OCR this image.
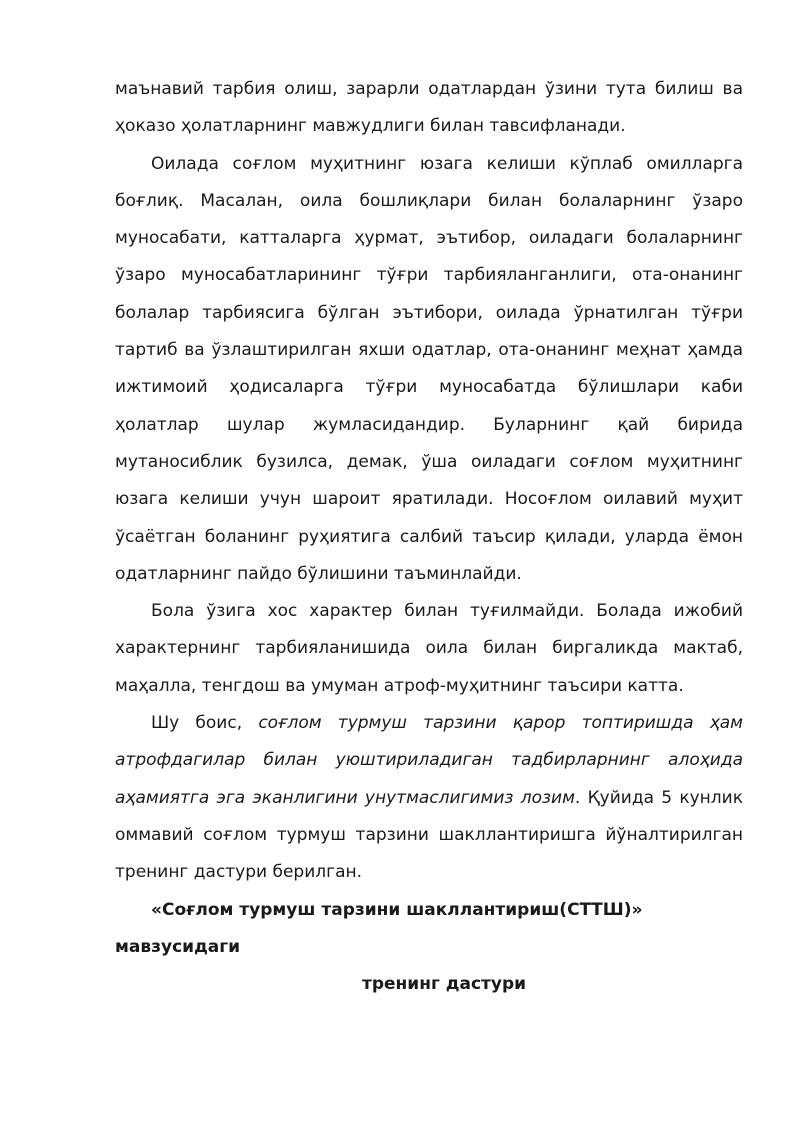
маънавий тарбия олиш, зарарли одатлардан ўзини тута билиш ва ҳоказо ҳолатларнинг мавжудлиги билан тавсифланади.

Оилада соғлом муҳитнинг юзага келиши кўплаб омилларга боғлиқ. Масалан, оила бошлиқлари билан болаларнинг ўзаро муносабати, катталарга ҳурмат, эътибор, оиладаги болаларнинг ўзаро муносабатларининг тўғри тарбияланганлиги, ота-онанинг болалар тарбиясига бўлган эътибори, оилада ўрнатилган тўғри тартиб ва ўзлаштирилган яхши одатлар, ота-онанинг меҳнат ҳамда ижтимоий ҳодисаларга тўғри муносабатда бўлишлари каби ҳолатлар шулар жумласидандир. Буларнинг қай бирида мутаносиблик бузилса, демак, ўша оиладаги соғлом муҳитнинг юзага келиши учун шароит яратилади. Носоғлом оилавий муҳит ўсаётган боланинг руҳиятига салбий таъсир қилади, уларда ёмон одатларнинг пайдо бўлишини таъминлайди.

Бола ўзига хос характер билан туғилмайди. Болада ижобий характернинг тарбияланишида оила билан биргаликда мактаб, маҳалла, тенгдош ва умуман атроф-муҳитнинг таъсири катта.

Шу боис, соғлом турмуш тарзини қарор топтиришда ҳам атрофдагилар билан уюштириладиган тадбирларнинг алоҳида аҳамиятга эга эканлигини унутмаслигимиз лозим. Қуйида 5 кунлик оммавий соғлом турмуш тарзини шакллантиришга йўналтирилган тренинг дастури берилган.

«Соғлом турмуш тарзини шакллантириш(СТТШ)»

мавзусидаги

тренинг дастури
